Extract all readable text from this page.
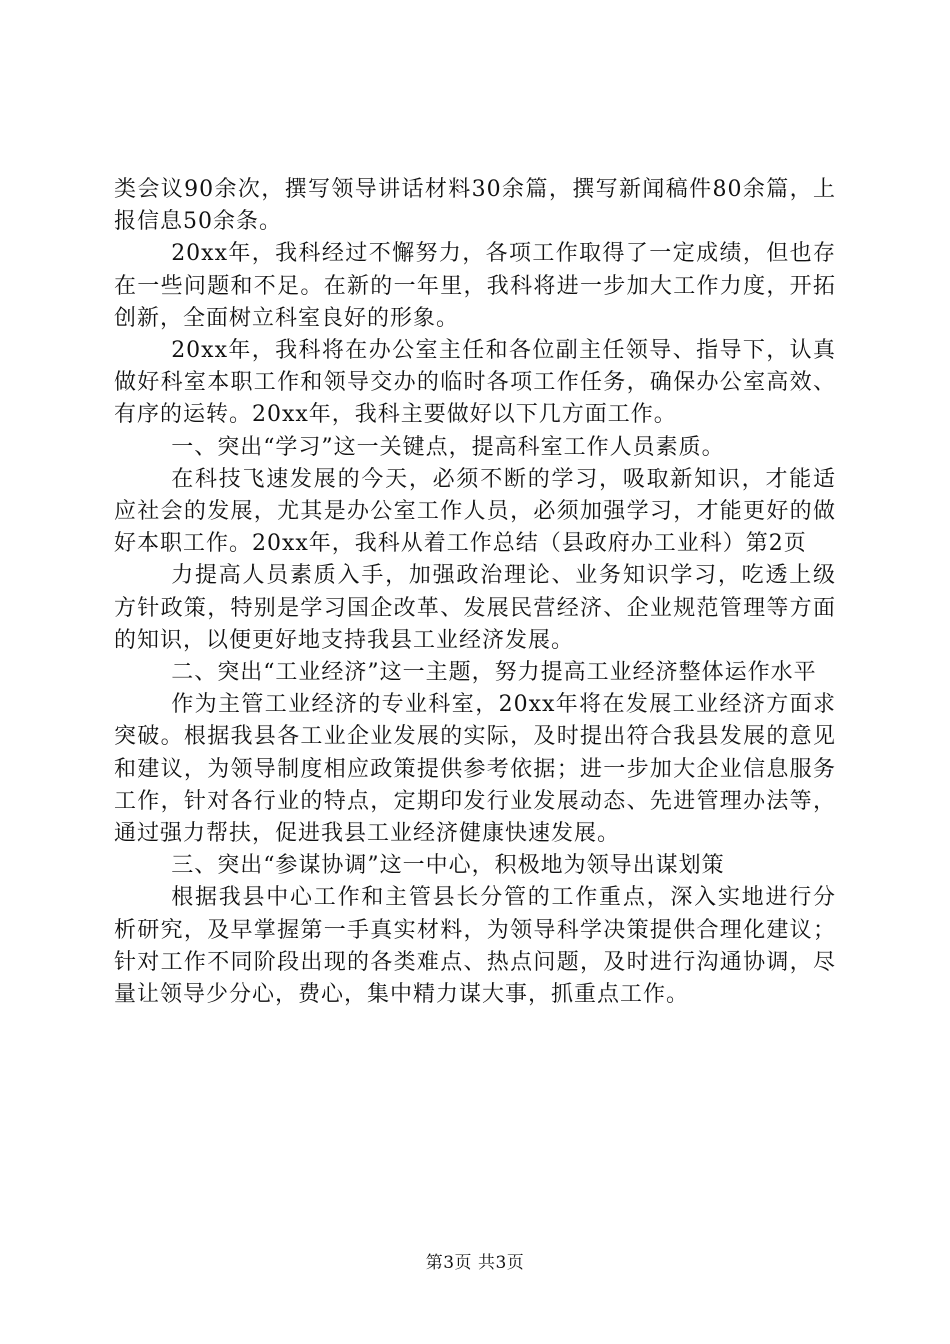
类会议90余次，撰写领导讲话材料30余篇，撰写新闻稿件80余篇，上报信息50余条。

20xx年，我科经过不懈努力，各项工作取得了一定成绩，但也存在一些问题和不足。在新的一年里，我科将进一步加大工作力度，开拓创新，全面树立科室良好的形象。

20xx年，我科将在办公室主任和各位副主任领导、指导下，认真做好科室本职工作和领导交办的临时各项工作任务，确保办公室高效、有序的运转。20xx年，我科主要做好以下几方面工作。

一、突出“学习”这一关键点，提高科室工作人员素质。

在科技飞速发展的今天，必须不断的学习，吸取新知识，才能适应社会的发展，尤其是办公室工作人员，必须加强学习，才能更好的做好本职工作。20xx年，我科从着工作总结（县政府办工业科）第2页

力提高人员素质入手，加强政治理论、业务知识学习，吃透上级方针政策，特别是学习国企改革、发展民营经济、企业规范管理等方面的知识，以便更好地支持我县工业经济发展。

二、突出“工业经济”这一主题，努力提高工业经济整体运作水平

作为主管工业经济的专业科室，20xx年将在发展工业经济方面求突破。根据我县各工业企业发展的实际，及时提出符合我县发展的意见和建议，为领导制度相应政策提供参考依据；进一步加大企业信息服务工作，针对各行业的特点，定期印发行业发展动态、先进管理办法等，通过强力帮扶，促进我县工业经济健康快速发展。

三、突出“参谋协调”这一中心，积极地为领导出谋划策

根据我县中心工作和主管县长分管的工作重点，深入实地进行分析研究，及早掌握第一手真实材料，为领导科学决策提供合理化建议；针对工作不同阶段出现的各类难点、热点问题，及时进行沟通协调，尽量让领导少分心，费心，集中精力谋大事，抓重点工作。

第3页 共3页
